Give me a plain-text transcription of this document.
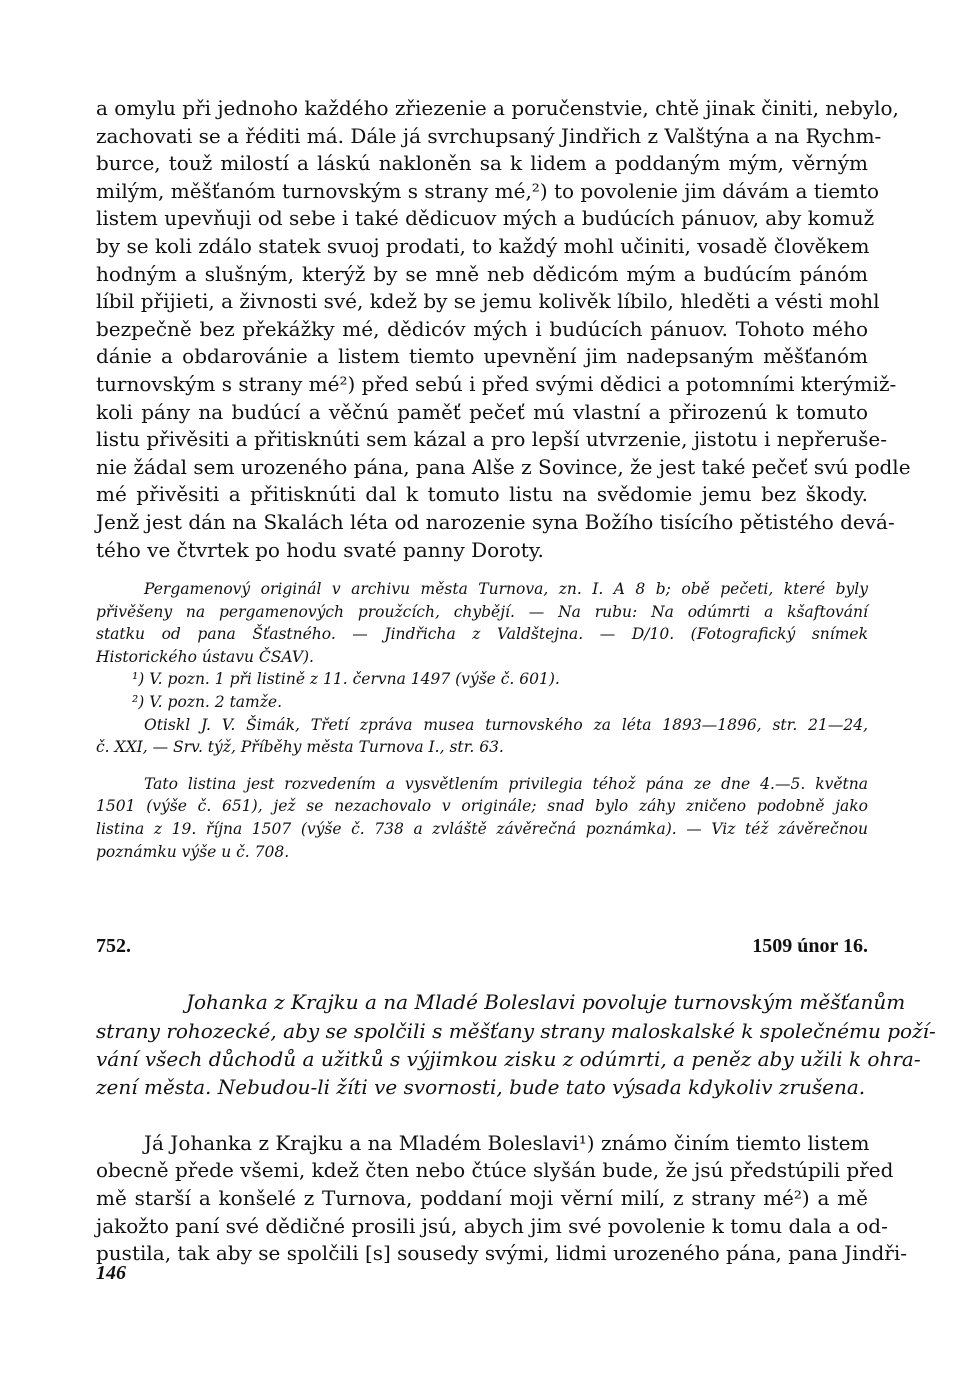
a omylu při jednoho každého zřiezenie a poručenstvie, chtě jinak činiti, nebylo,
zachovati se a řéditi má. Dále já svrchupsaný Jindřich z Valštýna a na Rychm-
burce, touž milostí a láskú nakloněn sa k lidem a poddaným mým, věrným
milým, měšťanóm turnovským s strany mé,²) to povolenie jim dávám a tiemto
listem upevňuji od sebe i také dědicuov mých a budúcích pánuov, aby komuž
by se koli zdálo statek svuoj prodati, to každý mohl učiniti, vosadě člověkem
hodným a slušným, kterýž by se mně neb dědicóm mým a budúcím pánóm
líbil přijieti, a živnosti své, kdež by se jemu kolivěk líbilo, hleděti a vésti mohl
bezpečně bez překážky mé, dědicóv mých i budúcích pánuov. Tohoto mého
dánie a obdarovánie a listem tiemto upevnění jim nadepsaným měšťanóm
turnovským s strany mé²) před sebú i před svými dědici a potomními kterýmiž-
koli pány na budúcí a věčnú paměť pečeť mú vlastní a přirozenú k tomuto
listu přivěsiti a přitisknúti sem kázal a pro lepší utvrzenie, jistotu i nepřeruše-
nie žádal sem urozeného pána, pana Alše z Sovince, že jest také pečeť svú podle
mé přivěsiti a přitisknúti dal k tomuto listu na svědomie jemu bez škody.
Jenž jest dán na Skalách léta od narozenie syna Božího tisícího pětistého devá-
tého ve čtvrtek po hodu svaté panny Doroty.
Pergamenový originál v archivu města Turnova, zn. I. A 8 b; obě pečeti, které byly
přivěšeny na pergamenových proužcích, chybějí. — Na rubu: Na odúmrti a kšaftování
statku od pana Šťastného. — Jindřicha z Valdštejna. — D/10. (Fotografický snímek
Historického ústavu ČSAV).
¹) V. pozn. 1 při listině z 11. června 1497 (výše č. 601).
²) V. pozn. 2 tamže.
Otiskl J. V. Šimák, Třetí zpráva musea turnovského za léta 1893—1896, str. 21—24,
č. XXI, — Srv. týž, Příběhy města Turnova I., str. 63.
Tato listina jest rozvedením a vysvětlením privilegia téhož pána ze dne 4.—5. května
1501 (výše č. 651), jež se nezachovalo v originále; snad bylo záhy zničeno podobně jako
listina z 19. října 1507 (výše č. 738 a zvláště závěrečná poznámka). — Viz též závěrečnou
poznámku výše u č. 708.
752.	1509 únor 16.
Johanka z Krajku a na Mladé Boleslavi povoluje turnovským měšťanům
strany rohozecké, aby se spolčili s měšťany strany maloskalské k společnému poží-
vání všech důchodů a užitků s výjimkou zisku z odúmrti, a peněz aby užili k ohra-
zení města. Nebudou-li žíti ve svornosti, bude tato výsada kdykoliv zrušena.
Já Johanka z Krajku a na Mladém Boleslavi¹) známo činím tiemto listem
obecně přede všemi, kdež čten nebo čtúce slyšán bude, že jsú předstúpili před
mě starší a konšelé z Turnova, poddaní moji věrní milí, z strany mé²) a mě
jakožto paní své dědičné prosili jsú, abych jim své povolenie k tomu dala a od-
pustila, tak aby se spolčili [s] sousedy svými, lidmi urozeného pána, pana Jindři-
146
